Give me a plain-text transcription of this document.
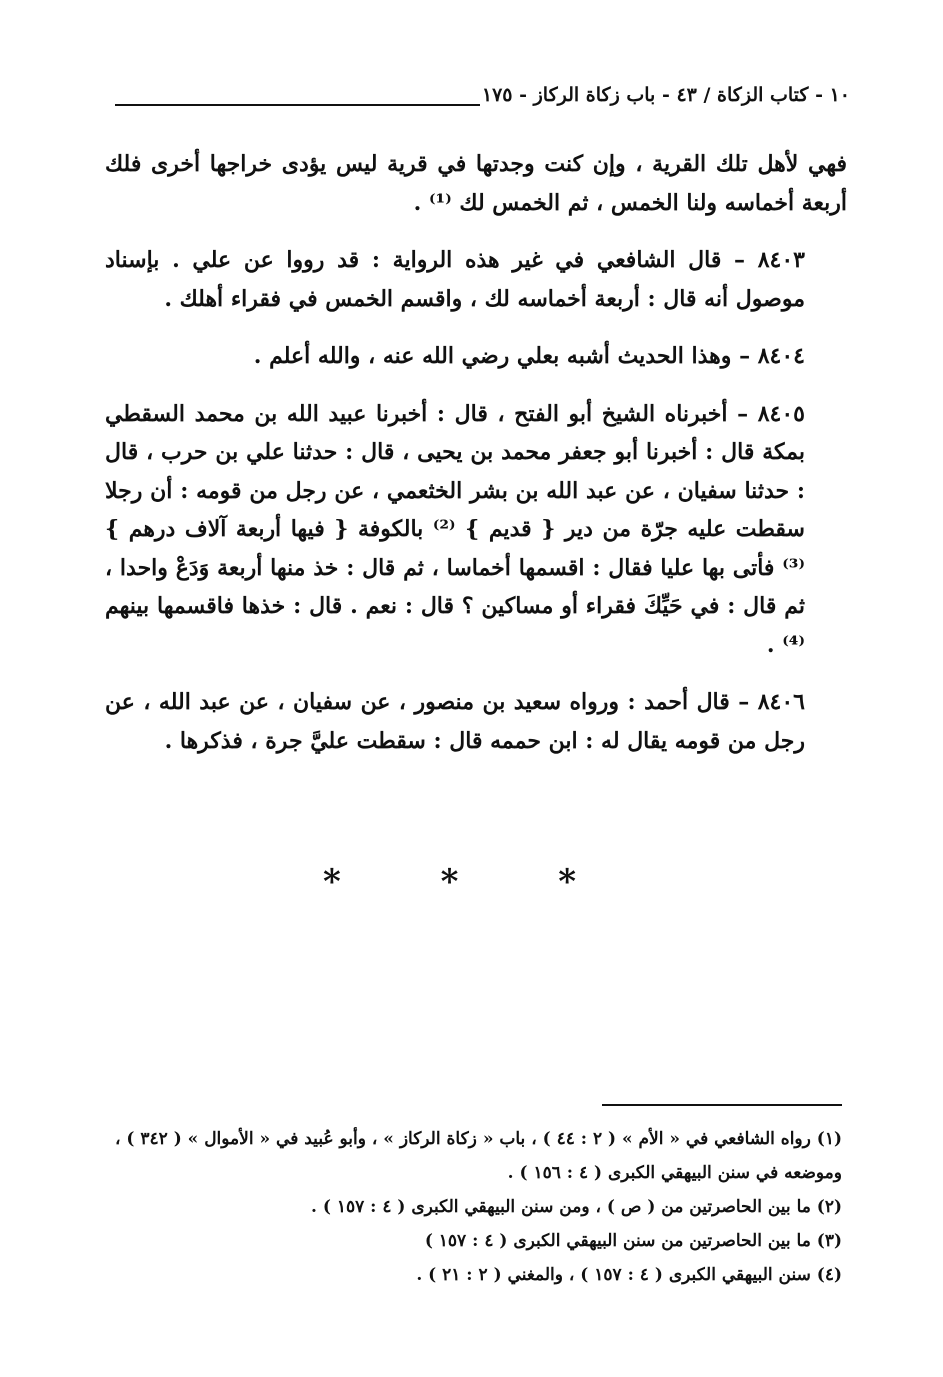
١٠ - كتاب الزكاة / ٤٣ - باب زكاة الركاز - ١٧٥

فهي لأهل تلك القرية ، وإن كنت وجدتها في قرية ليس يؤدى خراجها أخرى فلك أربعة أخماسه ولنا الخمس ، ثم الخمس لك ⁽¹⁾ .

٨٤٠٣ – قال الشافعي في غير هذه الرواية : قد رووا عن علي . بإسناد موصول أنه قال : أربعة أخماسه لك ، واقسم الخمس في فقراء أهلك .

٨٤٠٤ – وهذا الحديث أشبه بعلي رضي الله عنه ، والله أعلم .

٨٤٠٥ – أخبرناه الشيخ أبو الفتح ، قال : أخبرنا عبيد الله بن محمد السقطي بمكة قال : أخبرنا أبو جعفر محمد بن يحيى ، قال : حدثنا علي بن حرب ، قال : حدثنا سفيان ، عن عبد الله بن بشر الخثعمي ، عن رجل من قومه : أن رجلا سقطت عليه جرّة من دير { قديم } ⁽²⁾ بالكوفة { فيها أربعة آلاف درهم } ⁽³⁾ فأتى بها عليا فقال : اقسمها أخماسا ، ثم قال : خذ منها أربعة وَدَعْ واحدا ، ثم قال : في حَيِّكَ فقراء أو مساكين ؟ قال : نعم . قال : خذها فاقسمها بينهم ⁽⁴⁾ .

٨٤٠٦ – قال أحمد : ورواه سعيد بن منصور ، عن سفيان ، عن عبد الله ، عن رجل من قومه يقال له : ابن حممه قال : سقطت عليَّ جرة ، فذكرها .

* * *

(١) رواه الشافعي في « الأم » ( ٢ : ٤٤ ) ، باب « زكاة الركاز » ، وأبو عُبيد في « الأموال » ( ٣٤٢ ) ، وموضعه في سنن البيهقي الكبرى ( ٤ : ١٥٦ ) .

(٢) ما بين الحاصرتين من ( ص ) ، ومن سنن البيهقي الكبرى ( ٤ : ١٥٧ ) .

(٣) ما بين الحاصرتين من سنن البيهقي الكبرى ( ٤ : ١٥٧ )

(٤) سنن البيهقي الكبرى ( ٤ : ١٥٧ ) ، والمغني ( ٢ : ٢١ ) .
